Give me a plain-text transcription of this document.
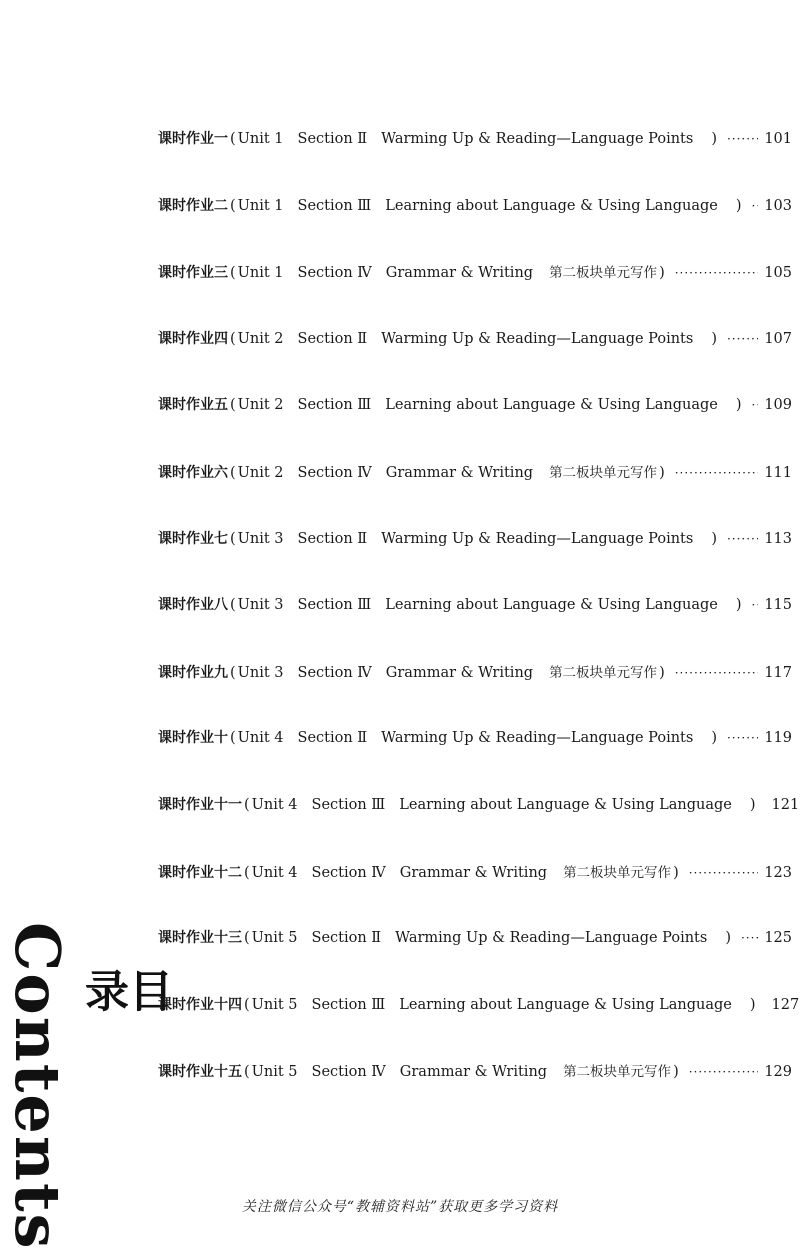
Contents	目 录
课时作业一 ( Unit 1 Section Ⅱ Warming Up & Reading—Language Points ) ·····	101
课时作业二 ( Unit 1 Section Ⅲ Learning about Language & Using Language ) ····· 103
课时作业三 ( Unit 1 Section Ⅳ Grammar & Writing 第二板块单元写作 ) ·····	105
课时作业四 ( Unit 2 Section Ⅱ Warming Up & Reading—Language Points ) ·····	107
课时作业五 ( Unit 2 Section Ⅲ Learning about Language & Using Language ) ····· 109
课时作业六 ( Unit 2 Section Ⅳ Grammar & Writing 第二板块单元写作 ) ·····	111
课时作业七 ( Unit 3 Section Ⅱ Warming Up & Reading—Language Points ) ·····	113
课时作业八 ( Unit 3 Section Ⅲ Learning about Language & Using Language ) ····· 115
课时作业九 ( Unit 3 Section Ⅳ Grammar & Writing 第二板块单元写作 ) ·····	117
课时作业十 ( Unit 4 Section Ⅱ Warming Up & Reading—Language Points ) ·····	119
课时作业十一 ( Unit 4 Section Ⅲ Learning about Language & Using Language ) 121
课时作业十二 ( Unit 4 Section Ⅳ Grammar & Writing 第二板块单元写作 ) ·····	123
课时作业十三 ( Unit 5 Section Ⅱ Warming Up & Reading—Language Points ) ····· 125
课时作业十四 ( Unit 5 Section Ⅲ Learning about Language & Using Language ) 127
课时作业十五 ( Unit 5 Section Ⅳ Grammar & Writing 第二板块单元写作 ) ·····	129
关注微信公众号“教辅资料站”获取更多学习资料
